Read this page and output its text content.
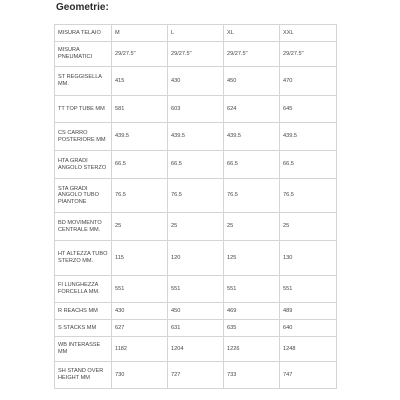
Geometrie:
MISURA TELAIO	M	L	XL	XXL
MISURA PNEUMATICI	29/27.5"	29/27.5"	29/27.5"	29/27.5"
ST REGGISELLA MM.	415	430	450	470
TT TOP TUBE MM	581	603	624	645
CS CARRO POSTERIORE MM	439.5	439.5	439.5	439.5
HTA GRADI ANGOLO STERZO	66.5	66.5	66.5	66.5
STA GRADI ANGOLO TUBO PIANTONE	76.5	76.5	76.5	76.5
BD MOVIMENTO CENTRALE MM.	25	25	25	25
HT ALTEZZA TUBO STERZO MM.	115	120	125	130
FI LUNGHEZZA FORCELLA MM.	551	551	551	551
R REACHS MM	430	450	469	489
S STACKS MM	627	631	635	640
WB INTERASSE MM	1182	1204	1226	1248
SH STAND OVER HEIGHT MM	730	727	733	747
